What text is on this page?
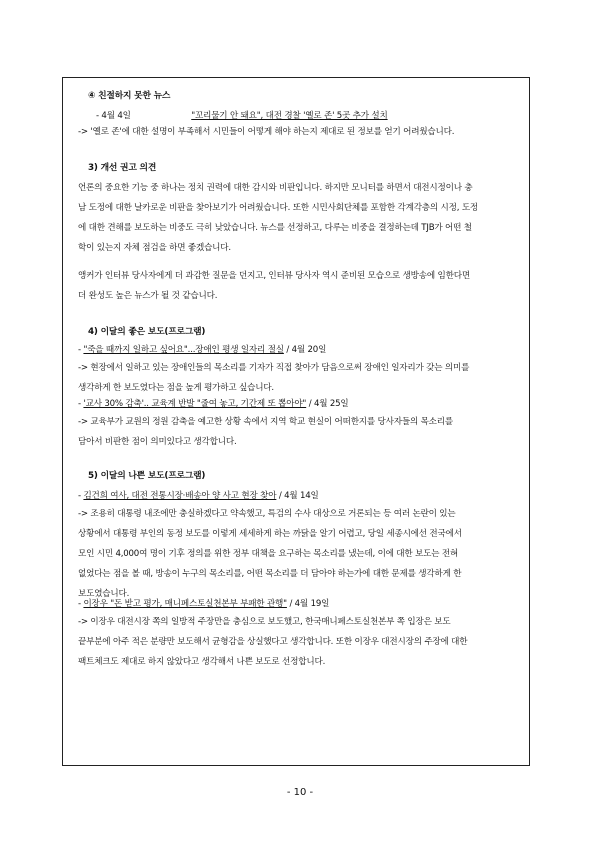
④ 친절하지 못한 뉴스
- 4월 4일	"꼬리물기 안 돼요", 대전 경찰 '옐로 존' 5곳 추가 설치
-> '옐로 존'에 대한 설명이 부족해서 시민들이 어떻게 해야 하는지 제대로 된 정보를 얻기 어려웠습니다.
3) 개선 권고 의견
언론의 중요한 기능 중 하나는 정치 권력에 대한 감시와 비판입니다. 하지만 모니터를 하면서 대전시정이나 충
남 도정에 대한 날카로운 비판을 찾아보기가 어려웠습니다. 또한 시민사회단체를 포함한 각계각층의 시정, 도정
에 대한 견해를 보도하는 비중도 극히 낮았습니다. 뉴스를 선정하고, 다루는 비중을 결정하는데 TJB가 어떤 철
학이 있는지 자체 점검을 하면 좋겠습니다.
앵커가 인터뷰 당사자에게 더 과감한 질문을 던지고, 인터뷰 당사자 역시 준비된 모습으로 생방송에 임한다면
더 완성도 높은 뉴스가 될 것 같습니다.
4) 이달의 좋은 보도(프로그램)
- "죽을 때까지 일하고 싶어요"...장애인 평생 일자리 절실 / 4월 20일
-> 현장에서 일하고 있는 장애인들의 목소리를 기자가 직접 찾아가 담음으로써 장애인 일자리가 갖는 의미를
생각하게 한 보도였다는 점을 높게 평가하고 싶습니다.
- '교사 30% 감축'.. 교육계 반발 "줄여 놓고, 기간제 또 뽑아야" / 4월 25일
-> 교육부가 교원의 정원 감축을 예고한 상황 속에서 지역 학교 현실이 어떠한지를 당사자들의 목소리를
담아서 비판한 점이 의미있다고 생각합니다.
5) 이달의 나쁜 보도(프로그램)
- 김건희 여사, 대전 전통시장·배송아 양 사고 현장 찾아 / 4월 14일
-> 조용히 대통령 내조에만 충실하겠다고 약속했고, 특검의 수사 대상으로 거론되는 등 여러 논란이 있는
상황에서 대통령 부인의 동정 보도를 이렇게 세세하게 하는 까닭을 알기 어렵고, 당일 세종시에선 전국에서
모인 시민 4,000여 명이 기후 정의를 위한 정부 대책을 요구하는 목소리를 냈는데, 이에 대한 보도는 전혀
없었다는 점을 볼 때, 방송이 누구의 목소리를, 어떤 목소리를 더 담아야 하는가에 대한 문제를 생각하게 한
보도였습니다.
- 이장우 "돈 받고 평가, 매니페스토실천본부 부패한 관행" / 4월 19일
-> 이장우 대전시장 쪽의 일방적 주장만을 충심으로 보도했고, 한국매니페스토실천본부 쪽 입장은 보도
끝부분에 아주 적은 분량만 보도해서 균형감을 상실했다고 생각합니다. 또한 이장우 대전시장의 주장에 대한
팩트체크도 제대로 하지 않았다고 생각해서 나쁜 보도로 선정합니다.
- 10 -
